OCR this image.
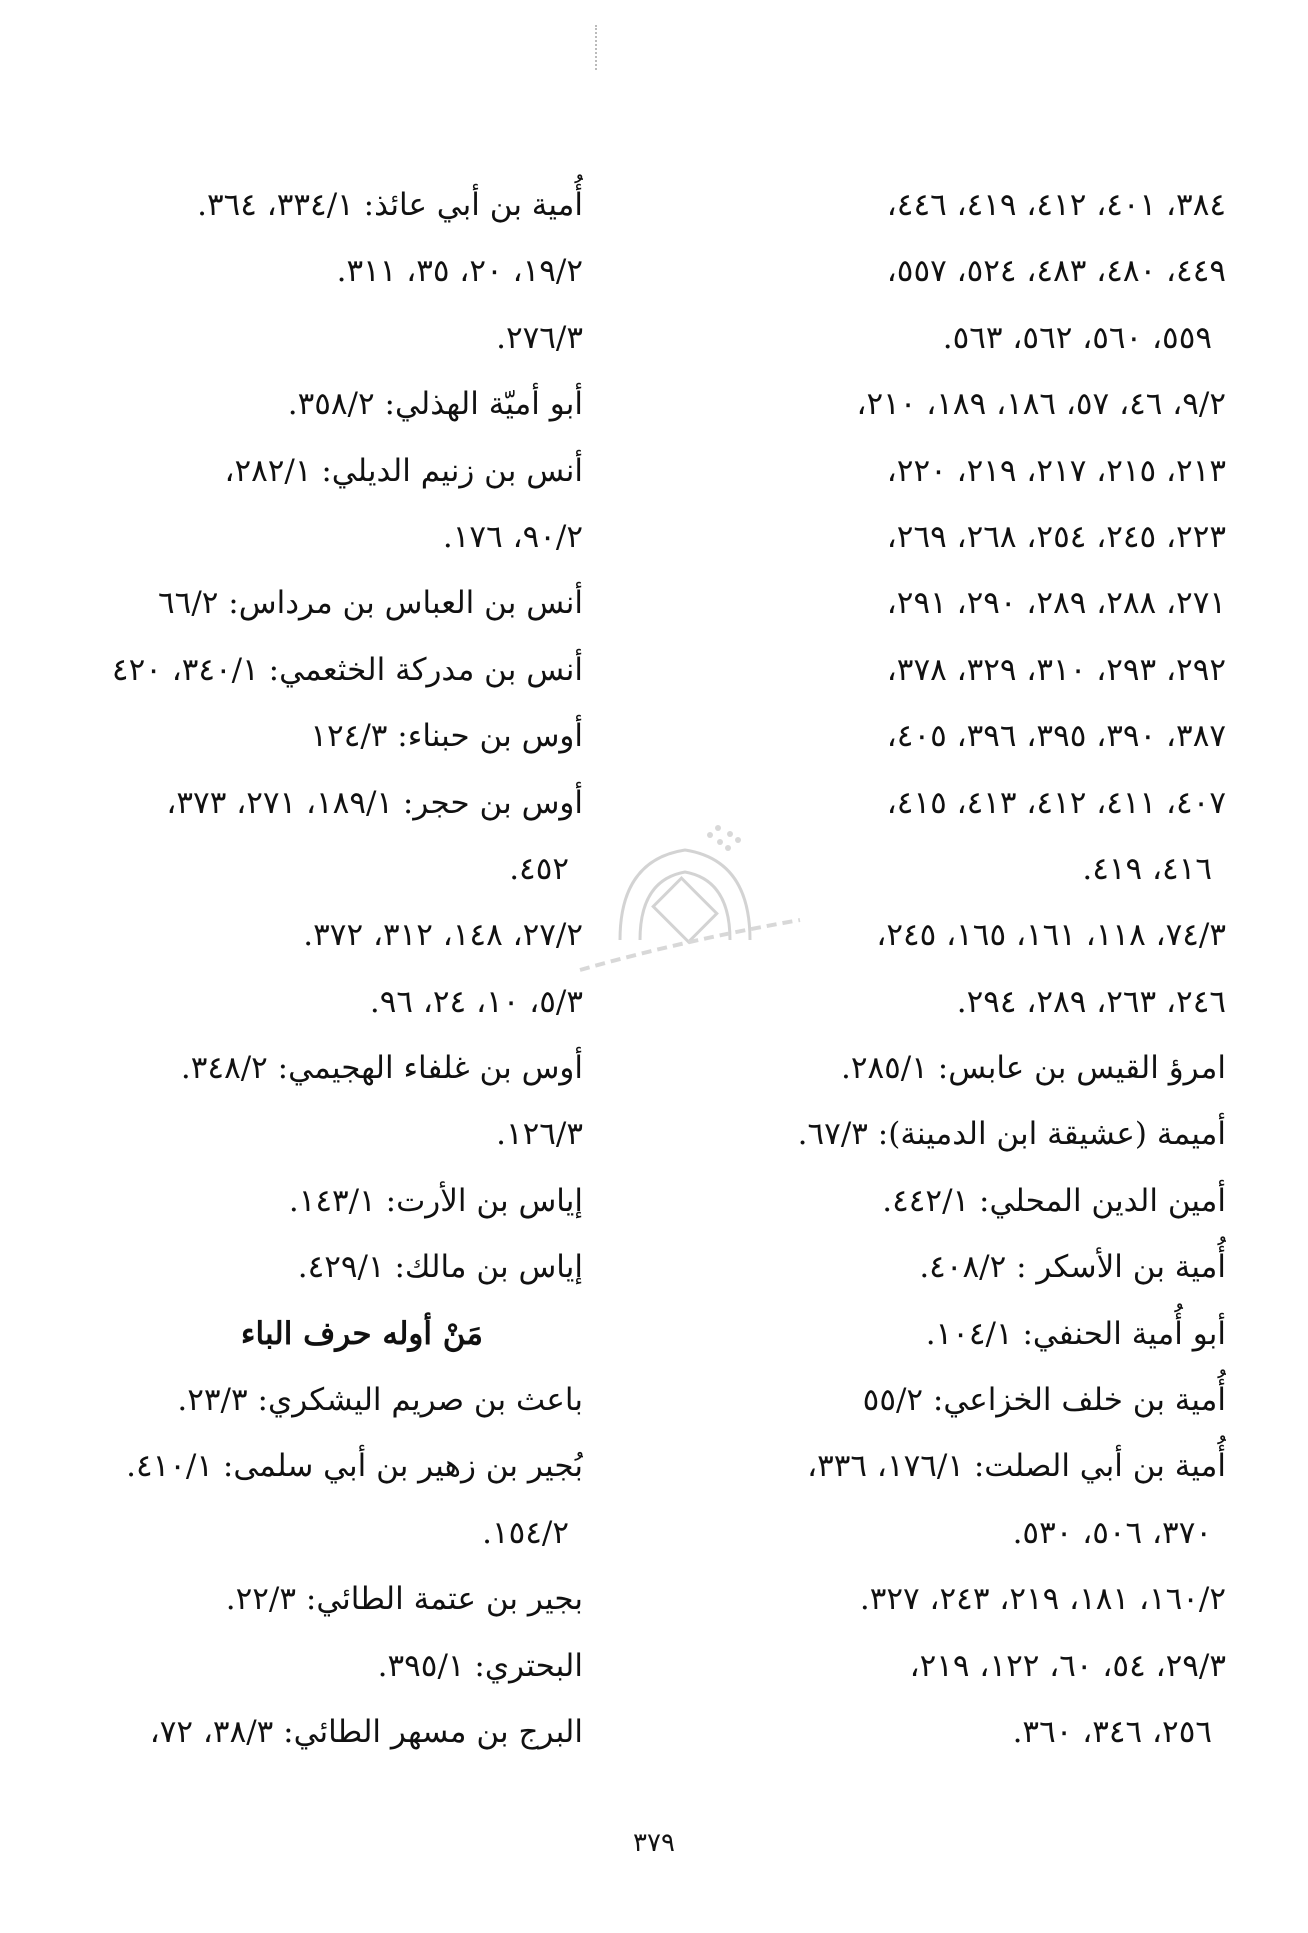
٣٨٤، ٤٠١، ٤١٢، ٤١٩، ٤٤٦،
٤٤٩، ٤٨٠، ٤٨٣، ٥٢٤، ٥٥٧،
٥٥٩، ٥٦٠، ٥٦٢، ٥٦٣.
٩/٢، ٤٦، ٥٧، ١٨٦، ١٨٩، ٢١٠،
٢١٣، ٢١٥، ٢١٧، ٢١٩، ٢٢٠،
٢٢٣، ٢٤٥، ٢٥٤، ٢٦٨، ٢٦٩،
٢٧١، ٢٨٨، ٢٨٩، ٢٩٠، ٢٩١،
٢٩٢، ٢٩٣، ٣١٠، ٣٢٩، ٣٧٨،
٣٨٧، ٣٩٠، ٣٩٥، ٣٩٦، ٤٠٥،
٤٠٧، ٤١١، ٤١٢، ٤١٣، ٤١٥،
٤١٦، ٤١٩.
٧٤/٣، ١١٨، ١٦١، ١٦٥، ٢٤٥،
٢٤٦، ٢٦٣، ٢٨٩، ٢٩٤.
امرؤ القيس بن عابس: ٢٨٥/١.
أميمة (عشيقة ابن الدمينة): ٦٧/٣.
أمين الدين المحلي: ٤٤٢/١.
أُمية بن الأسكر : ٤٠٨/٢.
أبو أُمية الحنفي: ١٠٤/١.
أُمية بن خلف الخزاعي: ٥٥/٢
أُمية بن أبي الصلت: ١٧٦/١، ٣٣٦،
٣٧٠، ٥٠٦، ٥٣٠.
١٦٠/٢، ١٨١، ٢١٩، ٢٤٣، ٣٢٧.
٢٩/٣، ٥٤، ٦٠، ١٢٢، ٢١٩،
٢٥٦، ٣٤٦، ٣٦٠.
أُمية بن أبي عائذ: ٣٣٤/١، ٣٦٤.
١٩/٢، ٢٠، ٣٥، ٣١١.
٢٧٦/٣.
أبو أميّة الهذلي: ٣٥٨/٢.
أنس بن زنيم الديلي: ٢٨٢/١،
٩٠/٢، ١٧٦.
أنس بن العباس بن مرداس: ٦٦/٢
أنس بن مدركة الخثعمي: ٣٤٠/١، ٤٢٠
أوس بن حبناء: ١٢٤/٣
أوس بن حجر: ١٨٩/١، ٢٧١، ٣٧٣،
٤٥٢.
٢٧/٢، ١٤٨، ٣١٢، ٣٧٢.
٥/٣، ١٠، ٢٤، ٩٦.
أوس بن غلفاء الهجيمي: ٣٤٨/٢.
١٢٦/٣.
إياس بن الأرت: ١٤٣/١.
إياس بن مالك: ٤٢٩/١.
مَنْ أوله حرف الباء
باعث بن صريم اليشكري: ٢٣/٣.
بُجير بن زهير بن أبي سلمى: ٤١٠/١.
١٥٤/٢.
بجير بن عتمة الطائي: ٢٢/٣.
البحتري: ٣٩٥/١.
البرج بن مسهر الطائي: ٣٨/٣، ٧٢،
٣٧٩
